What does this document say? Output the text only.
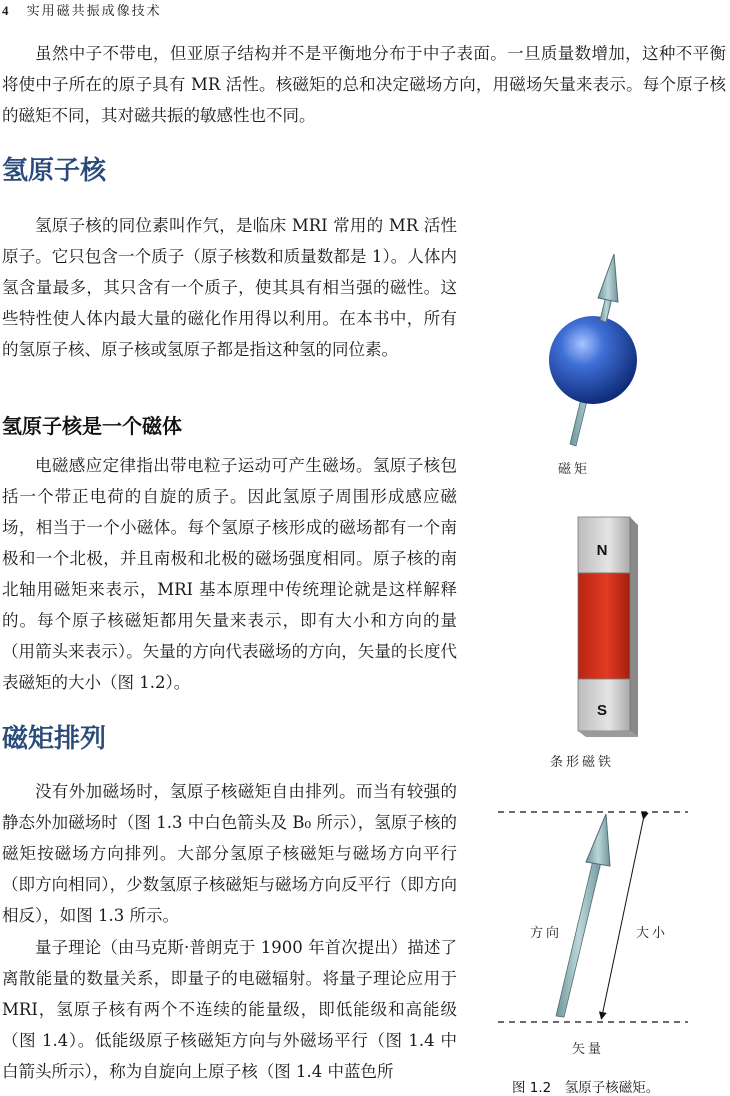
4 实用磁共振成像技术

虽然中子不带电，但亚原子结构并不是平衡地分布于中子表面。一旦质量数增加，这种不平衡将使中子所在的原子具有 MR 活性。核磁矩的总和决定磁场方向，用磁场矢量来表示。每个原子核的磁矩不同，其对磁共振的敏感性也不同。

氢原子核

氢原子核的同位素叫作氕，是临床 MRI 常用的 MR 活性原子。它只包含一个质子（原子核数和质量数都是 1）。人体内氢含量最多，其只含有一个质子，使其具有相当强的磁性。这些特性使人体内最大量的磁化作用得以利用。在本书中，所有的氢原子核、原子核或氢原子都是指这种氢的同位素。

氢原子核是一个磁体

电磁感应定律指出带电粒子运动可产生磁场。氢原子核包括一个带正电荷的自旋的质子。因此氢原子周围形成感应磁场，相当于一个小磁体。每个氢原子核形成的磁场都有一个南极和一个北极，并且南极和北极的磁场强度相同。原子核的南北轴用磁矩来表示，MRI 基本原理中传统理论就是这样解释的。每个原子核磁矩都用矢量来表示，即有大小和方向的量（用箭头来表示）。矢量的方向代表磁场的方向，矢量的长度代表磁矩的大小（图 1.2）。

磁矩排列

没有外加磁场时，氢原子核磁矩自由排列。而当有较强的静态外加磁场时（图 1.3 中白色箭头及 B₀ 所示），氢原子核的磁矩按磁场方向排列。大部分氢原子核磁矩与磁场方向平行（即方向相同），少数氢原子核磁矩与磁场方向反平行（即方向相反），如图 1.3 所示。

量子理论（由马克斯·普朗克于 1900 年首次提出）描述了离散能量的数量关系，即量子的电磁辐射。将量子理论应用于 MRI，氢原子核有两个不连续的能量级，即低能级和高能级（图 1.4）。低能级原子核磁矩方向与外磁场平行（图 1.4 中白箭头所示），称为自旋向上原子核（图 1.4 中蓝色所

磁矩
N
S
条形磁铁
方向	大小
矢量
图 1.2　氢原子核磁矩。
